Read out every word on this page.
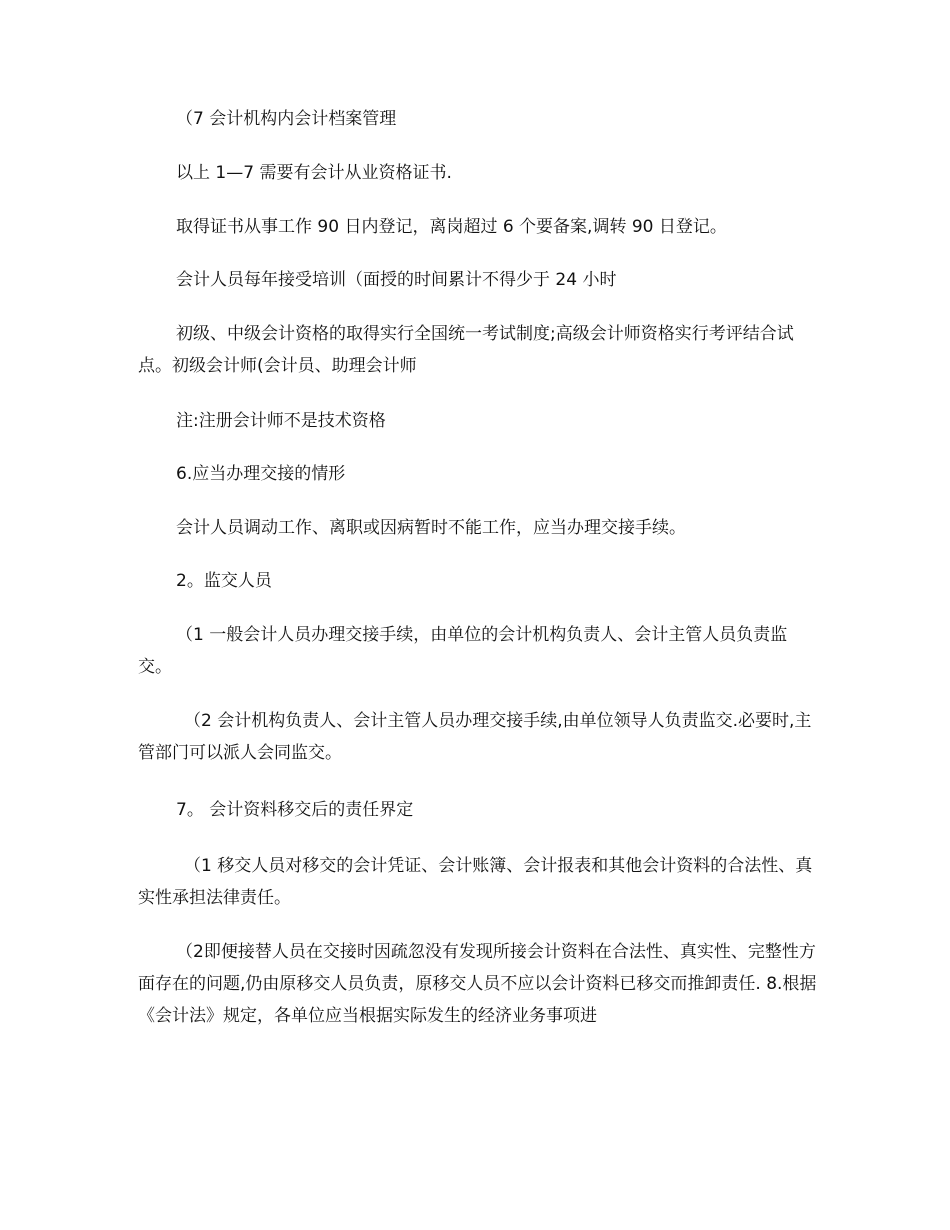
（7 会计机构内会计档案管理

以上 1—7 需要有会计从业资格证书.

取得证书从事工作 90 日内登记，离岗超过 6 个要备案,调转 90 日登记。

会计人员每年接受培训（面授的时间累计不得少于 24 小时

初级、中级会计资格的取得实行全国统一考试制度;高级会计师资格实行考评结合试点。初级会计师(会计员、助理会计师

注:注册会计师不是技术资格

6.应当办理交接的情形

会计人员调动工作、离职或因病暂时不能工作，应当办理交接手续。

2。监交人员

（1 一般会计人员办理交接手续，由单位的会计机构负责人、会计主管人员负责监交。

（2 会计机构负责人、会计主管人员办理交接手续,由单位领导人负责监交.必要时,主管部门可以派人会同监交。

7。 会计资料移交后的责任界定

（1 移交人员对移交的会计凭证、会计账簿、会计报表和其他会计资料的合法性、真实性承担法律责任。

（2即便接替人员在交接时因疏忽没有发现所接会计资料在合法性、真实性、完整性方面存在的问题,仍由原移交人员负责，原移交人员不应以会计资料已移交而推卸责任. 8.根据《会计法》规定，各单位应当根据实际发生的经济业务事项进
